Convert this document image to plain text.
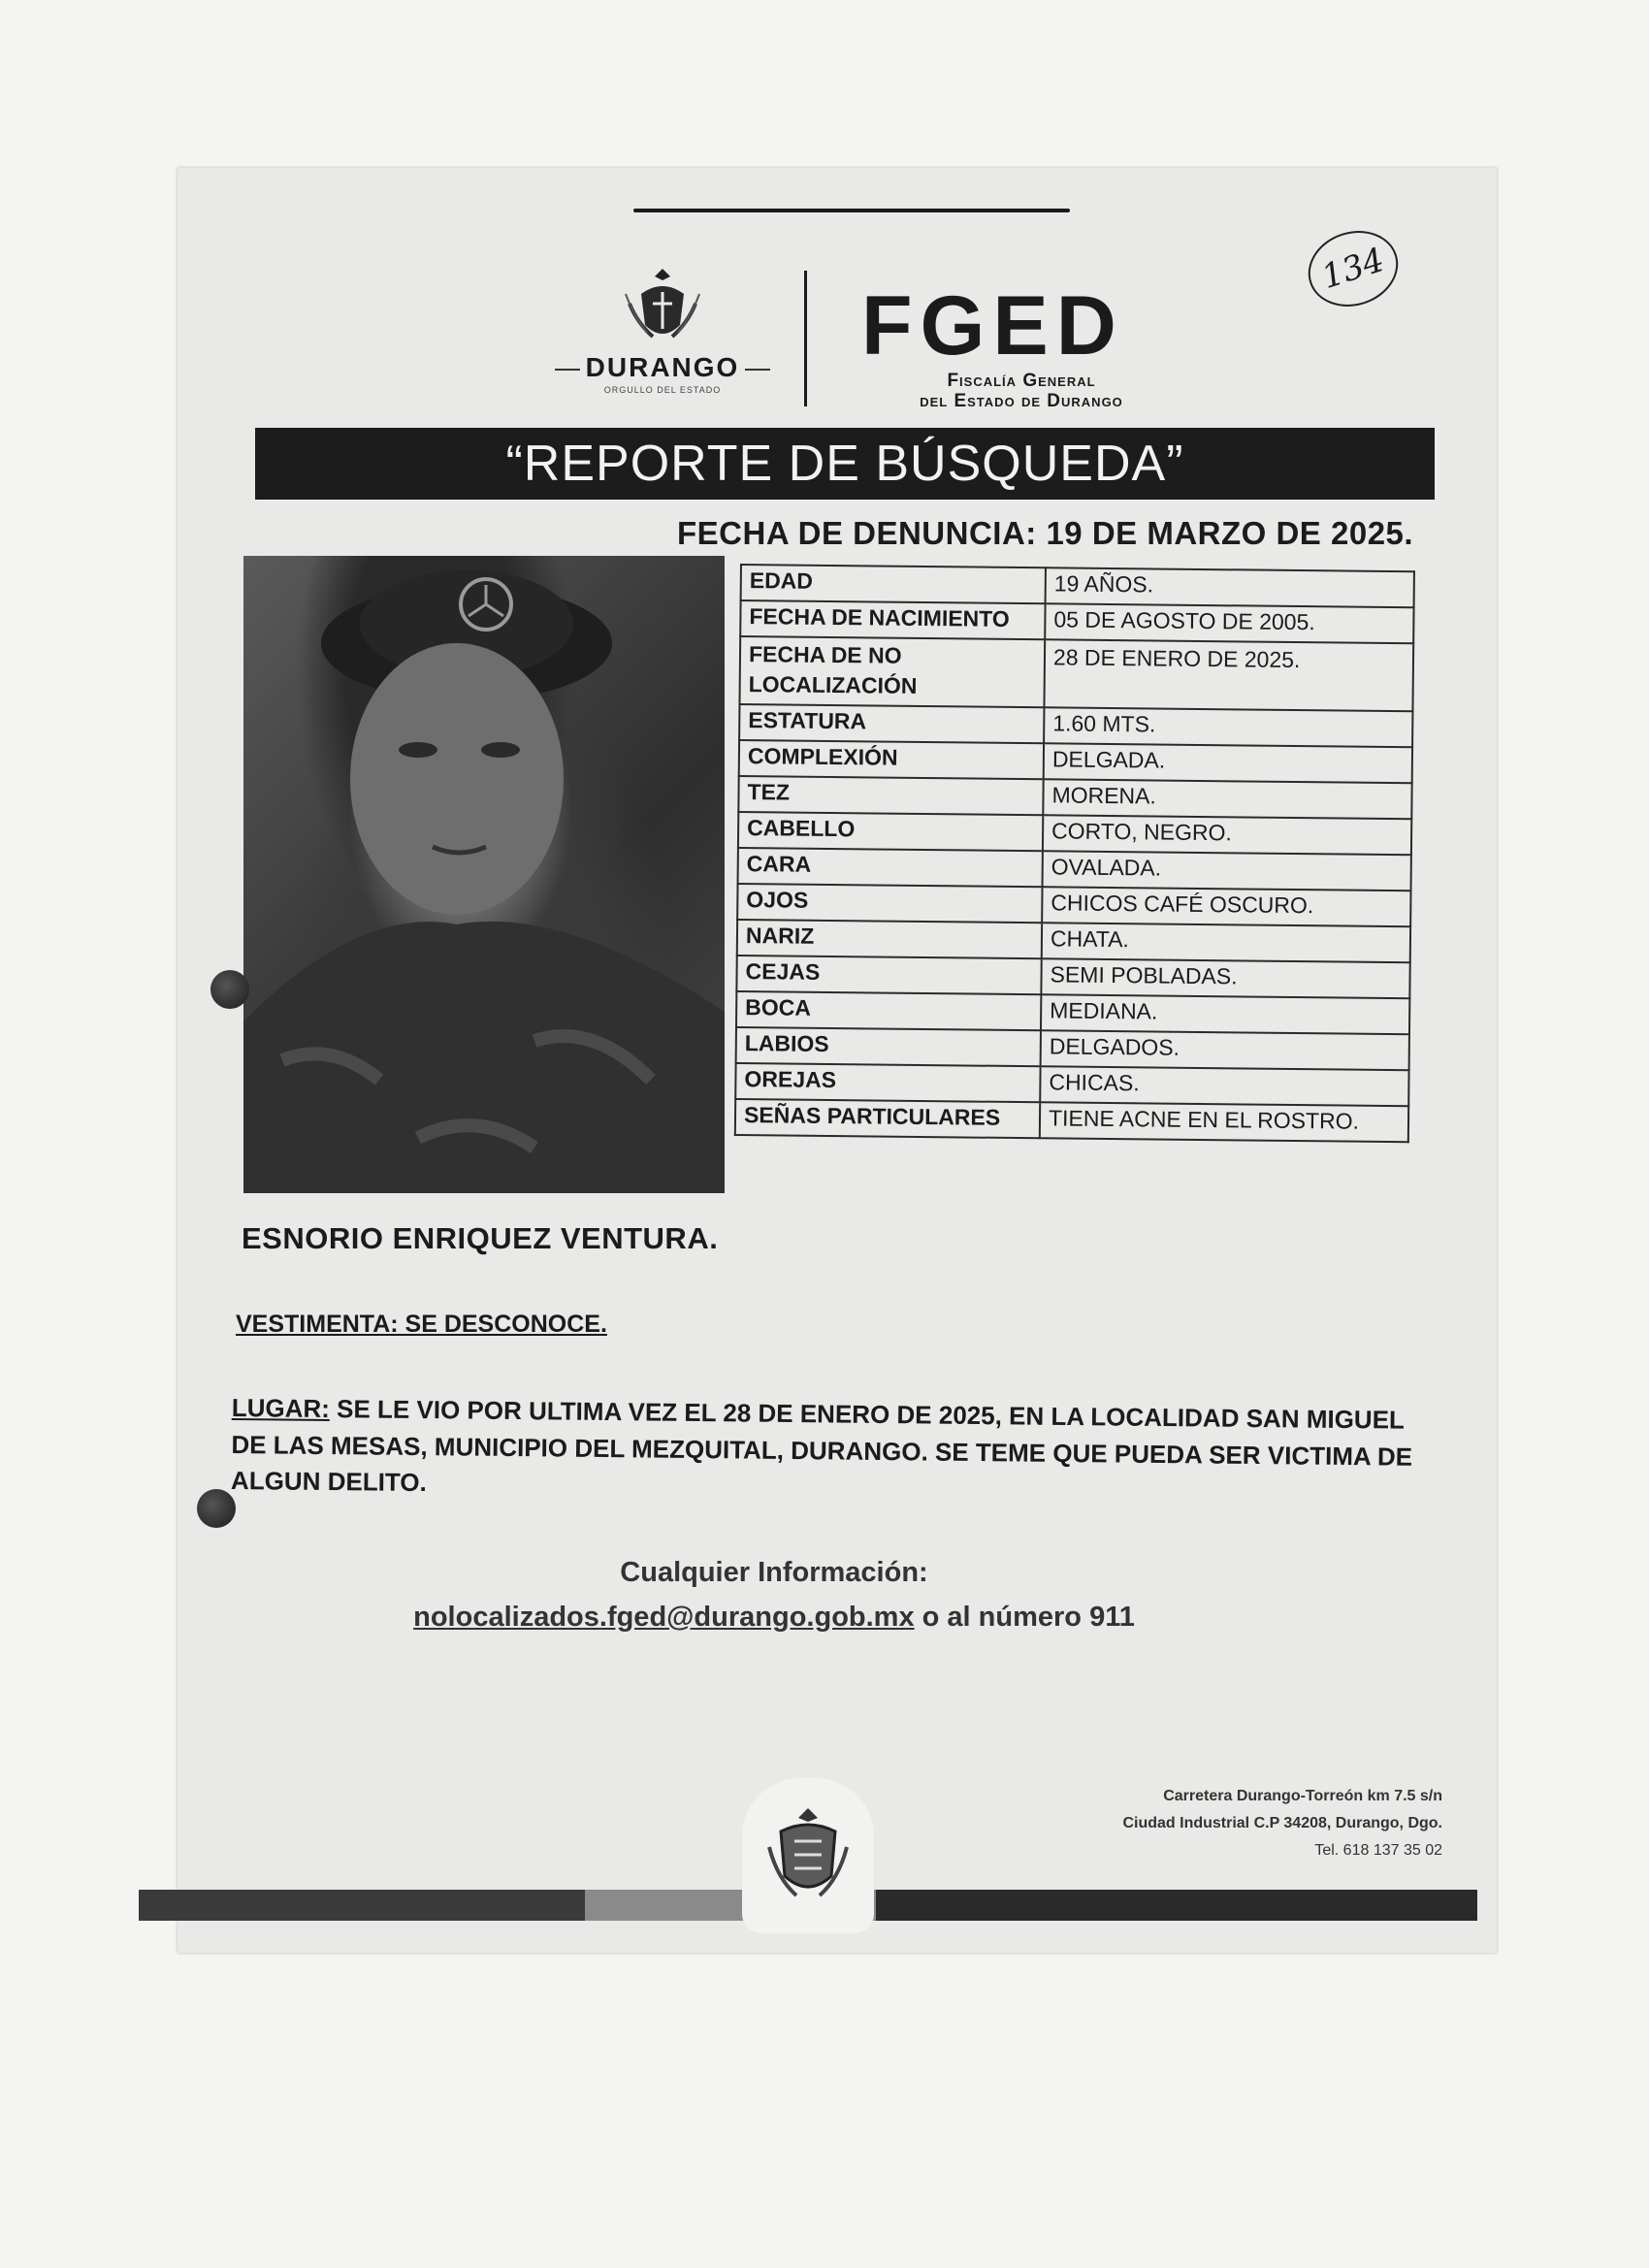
134
DURANGO
ORGULLO DEL ESTADO
FGED
Fiscalía General
del Estado de Durango
“REPORTE DE BÚSQUEDA”
FECHA DE DENUNCIA: 19 DE MARZO DE 2025.
EDAD	19 AÑOS.
FECHA DE NACIMIENTO	05 DE AGOSTO DE 2005.
FECHA DE NO LOCALIZACIÓN	28 DE ENERO DE 2025.
ESTATURA	1.60 MTS.
COMPLEXIÓN	DELGADA.
TEZ	MORENA.
CABELLO	CORTO, NEGRO.
CARA	OVALADA.
OJOS	CHICOS CAFÉ OSCURO.
NARIZ	CHATA.
CEJAS	SEMI POBLADAS.
BOCA	MEDIANA.
LABIOS	DELGADOS.
OREJAS	CHICAS.
SEÑAS PARTICULARES	TIENE ACNE EN EL ROSTRO.
ESNORIO ENRIQUEZ VENTURA.
VESTIMENTA: SE DESCONOCE.
LUGAR: SE LE VIO POR ULTIMA VEZ EL 28 DE ENERO DE 2025, EN LA LOCALIDAD SAN MIGUEL DE LAS MESAS, MUNICIPIO DEL MEZQUITAL, DURANGO. SE TEME QUE PUEDA SER VICTIMA DE ALGUN DELITO.
Cualquier Información:
nolocalizados.fged@durango.gob.mx o al número 911
Carretera Durango-Torreón km 7.5 s/n
Ciudad Industrial C.P 34208, Durango, Dgo.
Tel. 618 137 35 02
